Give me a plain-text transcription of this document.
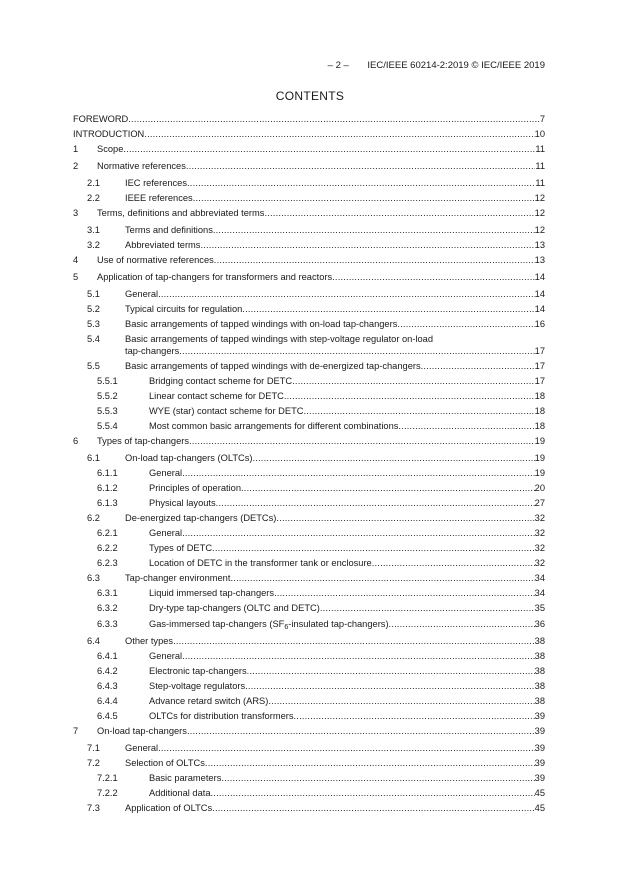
– 2 – IEC/IEEE 60214-2:2019 © IEC/IEEE 2019
CONTENTS
FOREWORD .....	7
INTRODUCTION .....	10
1	Scope .....	11
2	Normative references .....	11
2.1	IEC references .....	11
2.2	IEEE references .....	12
3	Terms, definitions and abbreviated terms .....	12
3.1	Terms and definitions .....	12
3.2	Abbreviated terms .....	13
4	Use of normative references .....	13
5	Application of tap-changers for transformers and reactors .....	14
5.1	General .....	14
5.2	Typical circuits for regulation .....	14
5.3	Basic arrangements of tapped windings with on-load tap-changers .....	16
5.4	Basic arrangements of tapped windings with step-voltage regulator on-load
tap-changers .....	17
5.5	Basic arrangements of tapped windings with de-energized tap-changers .....	17
5.5.1	Bridging contact scheme for DETC .....	17
5.5.2	Linear contact scheme for DETC .....	18
5.5.3	WYE (star) contact scheme for DETC .....	18
5.5.4	Most common basic arrangements for different combinations .....	18
6	Types of tap-changers .....	19
6.1	On-load tap-changers (OLTCs) .....	19
6.1.1	General .....	19
6.1.2	Principles of operation .....	20
6.1.3	Physical layouts .....	27
6.2	De-energized tap-changers (DETCs) .....	32
6.2.1	General .....	32
6.2.2	Types of DETC .....	32
6.2.3	Location of DETC in the transformer tank or enclosure .....	32
6.3	Tap-changer environment .....	34
6.3.1	Liquid immersed tap-changers .....	34
6.3.2	Dry-type tap-changers (OLTC and DETC) .....	35
6.3.3	Gas-immersed tap-changers ($SF_6$-insulated tap-changers) .....	36
6.4	Other types .....	38
6.4.1	General .....	38
6.4.2	Electronic tap-changers .....	38
6.4.3	Step-voltage regulators .....	38
6.4.4	Advance retard switch (ARS) .....	38
6.4.5	OLTCs for distribution transformers .....	39
7	On-load tap-changers .....	39
7.1	General .....	39
7.2	Selection of OLTCs .....	39
7.2.1	Basic parameters .....	39
7.2.2	Additional data .....	45
7.3	Application of OLTCs .....	45
